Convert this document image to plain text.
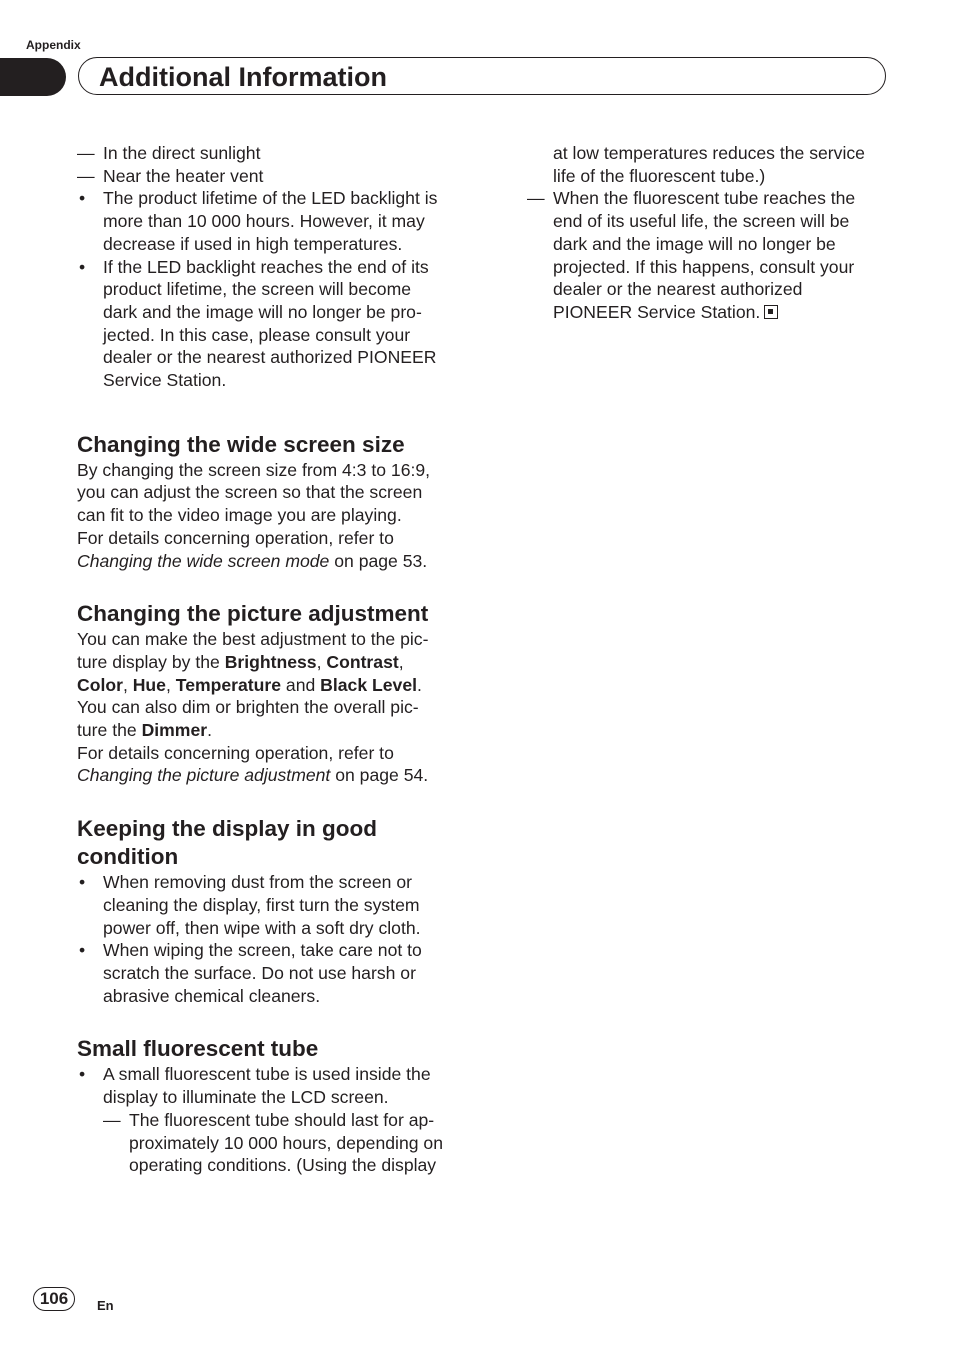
Appendix
Additional Information
— In the direct sunlight
— Near the heater vent
• The product lifetime of the LED backlight is
more than 10 000 hours. However, it may
decrease if used in high temperatures.
• If the LED backlight reaches the end of its
product lifetime, the screen will become
dark and the image will no longer be pro-
jected. In this case, please consult your
dealer or the nearest authorized PIONEER
Service Station.
Changing the wide screen size
By changing the screen size from 4:3 to 16:9,
you can adjust the screen so that the screen
can fit to the video image you are playing.
For details concerning operation, refer to
Changing the wide screen mode on page 53.
Changing the picture adjustment
You can make the best adjustment to the pic-
ture display by the Brightness, Contrast,
Color, Hue, Temperature and Black Level.
You can also dim or brighten the overall pic-
ture the Dimmer.
For details concerning operation, refer to
Changing the picture adjustment on page 54.
Keeping the display in good
condition
• When removing dust from the screen or
cleaning the display, first turn the system
power off, then wipe with a soft dry cloth.
• When wiping the screen, take care not to
scratch the surface. Do not use harsh or
abrasive chemical cleaners.
Small fluorescent tube
• A small fluorescent tube is used inside the
display to illuminate the LCD screen.
— The fluorescent tube should last for ap-
proximately 10 000 hours, depending on
operating conditions. (Using the display
at low temperatures reduces the service
life of the fluorescent tube.)
— When the fluorescent tube reaches the
end of its useful life, the screen will be
dark and the image will no longer be
projected. If this happens, consult your
dealer or the nearest authorized
PIONEER Service Station.
106	En
